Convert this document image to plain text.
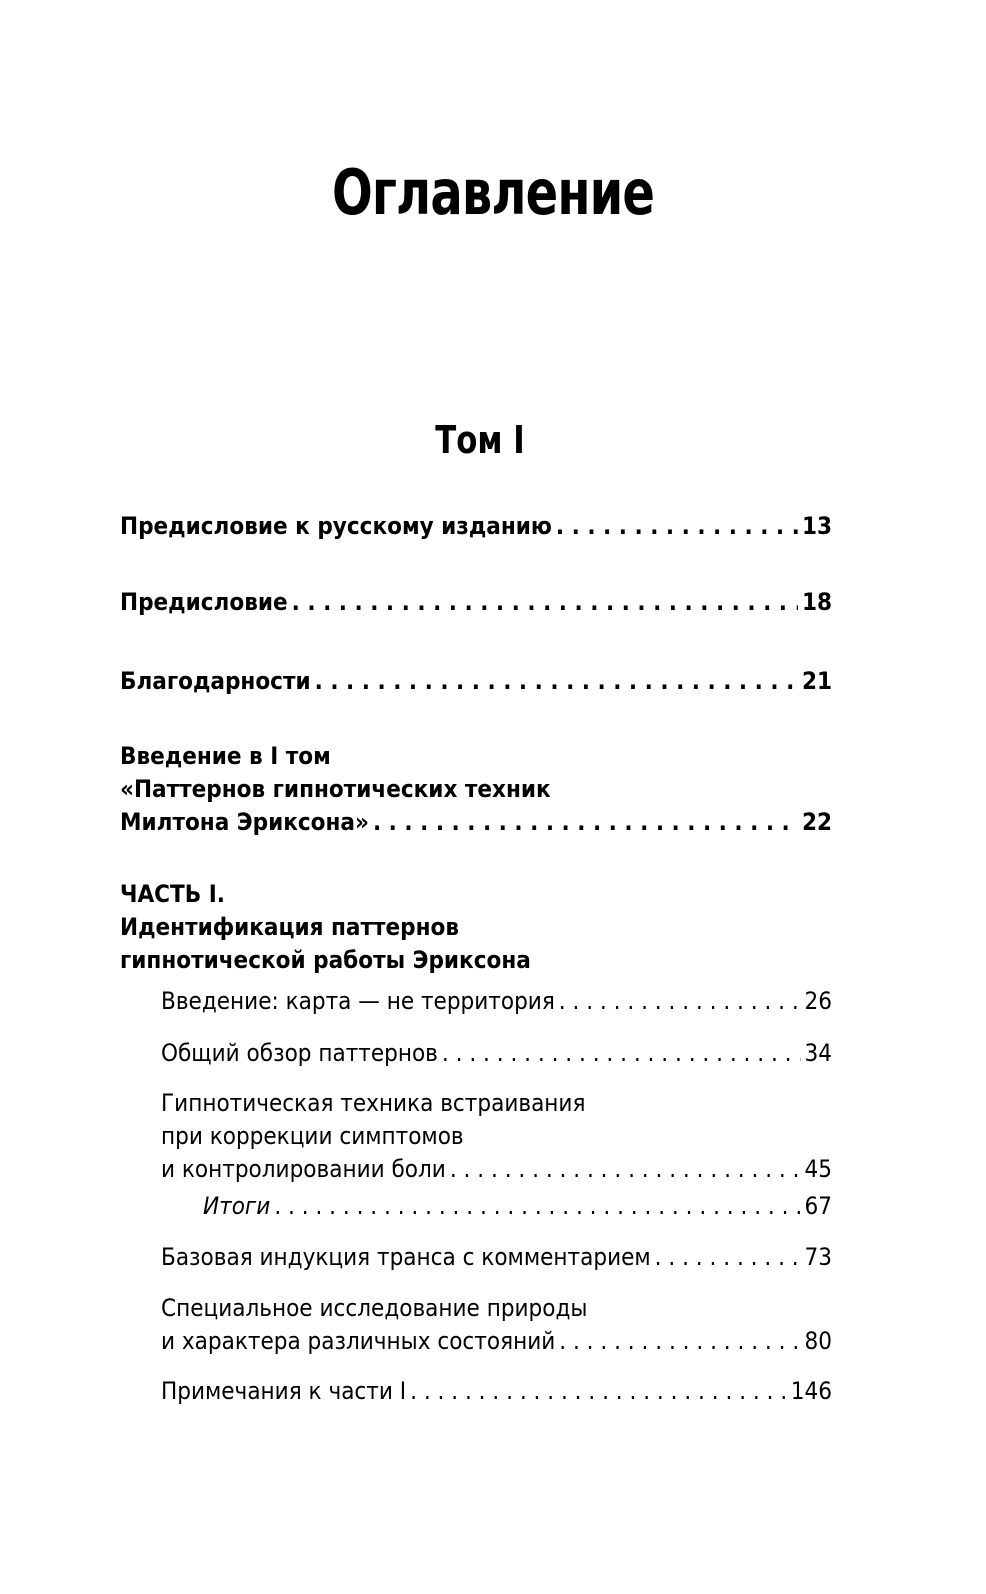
Оглавление
Том I
Предисловие к русскому изданию . . .	13
Предисловие . . .	18
Благодарности . . .	21
Введение в I том
«Паттернов гипнотических техник
Милтона Эриксона» . . .	22
ЧАСТЬ I.
Идентификация паттернов
гипнотической работы Эриксона
Введение: карта — не территория . . .	26
Общий обзор паттернов . . .	34
Гипнотическая техника встраивания
при коррекции симптомов
и контролировании боли . . .	45
Итоги . . .	67
Базовая индукция транса с комментарием . . .	73
Специальное исследование природы
и характера различных состояний . . .	80
Примечания к части I . . .	146
